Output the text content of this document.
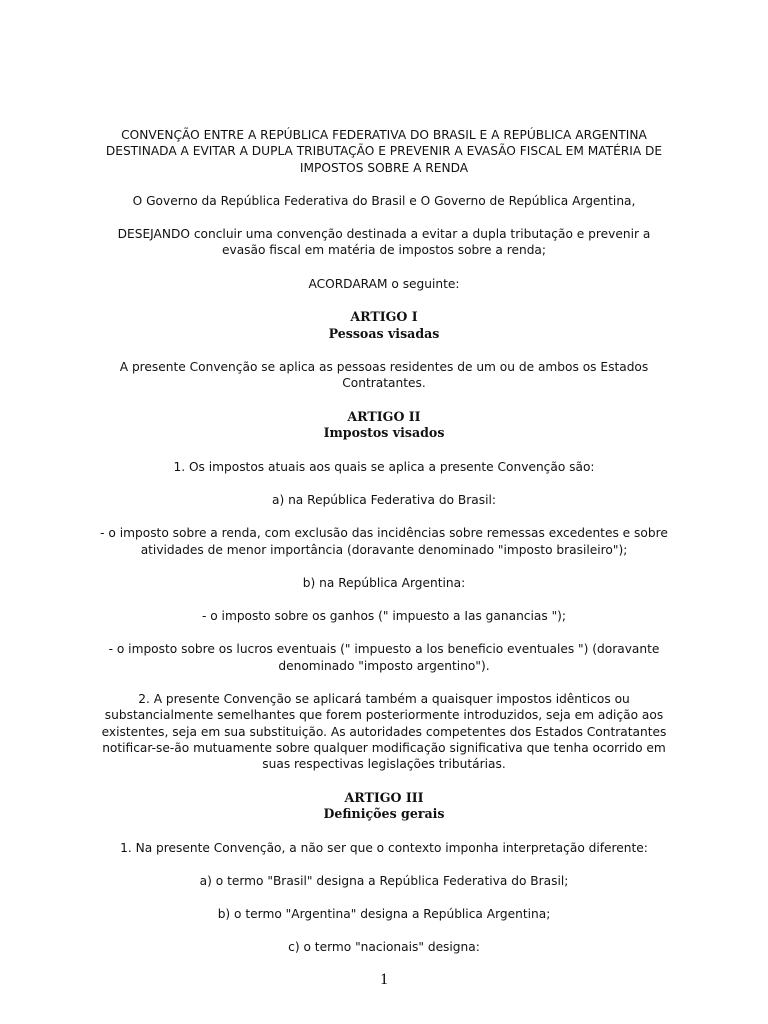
CONVENÇÃO ENTRE A REPÚBLICA FEDERATIVA DO BRASIL E A REPÚBLICA ARGENTINA
DESTINADA A EVITAR A DUPLA TRIBUTAÇÃO E PREVENIR A EVASÃO FISCAL EM MATÉRIA DE
IMPOSTOS SOBRE A RENDA

O Governo da República Federativa do Brasil e O Governo de República Argentina,

DESEJANDO concluir uma convenção destinada a evitar a dupla tributação e prevenir a
evasão fiscal em matéria de impostos sobre a renda;

ACORDARAM o seguinte:

ARTIGO I
Pessoas visadas

A presente Convenção se aplica as pessoas residentes de um ou de ambos os Estados
Contratantes.

ARTIGO II
Impostos visados

1. Os impostos atuais aos quais se aplica a presente Convenção são:

a) na República Federativa do Brasil:

- o imposto sobre a renda, com exclusão das incidências sobre remessas excedentes e sobre
atividades de menor importância (doravante denominado "imposto brasileiro");

b) na República Argentina:

- o imposto sobre os ganhos (" impuesto a Ias ganancias ");

- o imposto sobre os lucros eventuais (" impuesto a los beneficio eventuales ") (doravante
denominado "imposto argentino").

2. A presente Convenção se aplicará também a quaisquer impostos idênticos ou
substancialmente semelhantes que forem posteriormente introduzidos, seja em adição aos
existentes, seja em sua substituição. As autoridades competentes dos Estados Contratantes
notificar-se-ão mutuamente sobre qualquer modificação significativa que tenha ocorrido em
suas respectivas legislações tributárias.

ARTIGO III
Definições gerais

1. Na presente Convenção, a não ser que o contexto imponha interpretação diferente:

a) o termo "Brasil" designa a República Federativa do Brasil;

b) o termo "Argentina" designa a República Argentina;

c) o termo "nacionais" designa:

1
